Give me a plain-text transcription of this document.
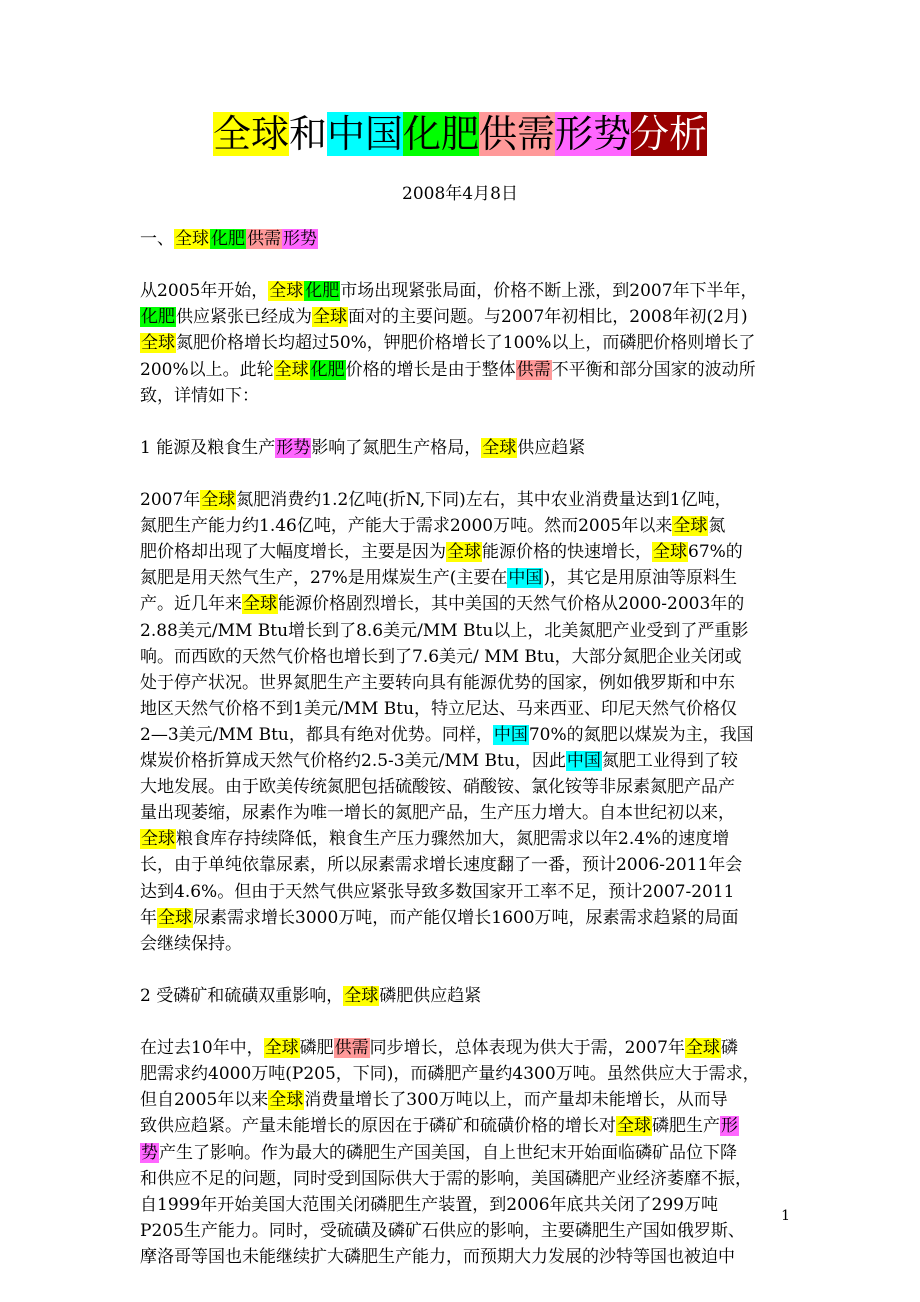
全球和中国化肥供需形势分析
2008年4月8日
一、全球 化肥 供需 形势
从2005年开始，全球 化肥市场出现紧张局面，价格不断上涨，到2007年下半年，
化肥供应紧张已经成为全球面对的主要问题。与2007年初相比，2008年初(2月)
全球氮肥价格增长均超过50%，钾肥价格增长了100%以上，而磷肥价格则增长了
200%以上。此轮全球 化肥价格的增长是由于整体供需不平衡和部分国家的波动所
致，详情如下：
1 能源及粮食生产形势影响了氮肥生产格局，全球供应趋紧
2007年全球氮肥消费约1.2亿吨(折N,下同)左右，其中农业消费量达到1亿吨，
氮肥生产能力约1.46亿吨，产能大于需求2000万吨。然而2005年以来全球氮
肥价格却出现了大幅度增长，主要是因为全球能源价格的快速增长，全球67%的
氮肥是用天然气生产，27%是用煤炭生产(主要在中国)，其它是用原油等原料生
产。近几年来全球能源价格剧烈增长，其中美国的天然气价格从2000-2003年的
2.88美元/MM Btu增长到了8.6美元/MM Btu以上，北美氮肥产业受到了严重影
响。而西欧的天然气价格也增长到了7.6美元/ MM Btu，大部分氮肥企业关闭或
处于停产状况。世界氮肥生产主要转向具有能源优势的国家，例如俄罗斯和中东
地区天然气价格不到1美元/MM Btu，特立尼达、马来西亚、印尼天然气价格仅
2—3美元/MM Btu，都具有绝对优势。同样，中国70%的氮肥以煤炭为主，我国
煤炭价格折算成天然气价格约2.5-3美元/MM Btu，因此中国氮肥工业得到了较
大地发展。由于欧美传统氮肥包括硫酸铵、硝酸铵、氯化铵等非尿素氮肥产品产
量出现萎缩，尿素作为唯一增长的氮肥产品，生产压力增大。自本世纪初以来，
全球粮食库存持续降低，粮食生产压力骤然加大，氮肥需求以年2.4%的速度增
长，由于单纯依靠尿素，所以尿素需求增长速度翻了一番，预计2006-2011年会
达到4.6%。但由于天然气供应紧张导致多数国家开工率不足，预计2007-2011
年全球尿素需求增长3000万吨，而产能仅增长1600万吨，尿素需求趋紧的局面
会继续保持。
2 受磷矿和硫磺双重影响，全球磷肥供应趋紧
在过去10年中，全球磷肥供需同步增长，总体表现为供大于需，2007年全球磷
肥需求约4000万吨(P205，下同)，而磷肥产量约4300万吨。虽然供应大于需求，
但自2005年以来全球消费量增长了300万吨以上，而产量却未能增长，从而导
致供应趋紧。产量未能增长的原因在于磷矿和硫磺价格的增长对全球磷肥生产形
势产生了影响。作为最大的磷肥生产国美国，自上世纪末开始面临磷矿品位下降
和供应不足的问题，同时受到国际供大于需的影响，美国磷肥产业经济萎靡不振，
自1999年开始美国大范围关闭磷肥生产装置，到2006年底共关闭了299万吨
P205生产能力。同时，受硫磺及磷矿石供应的影响，主要磷肥生产国如俄罗斯、
摩洛哥等国也未能继续扩大磷肥生产能力，而预期大力发展的沙特等国也被迫中
1
